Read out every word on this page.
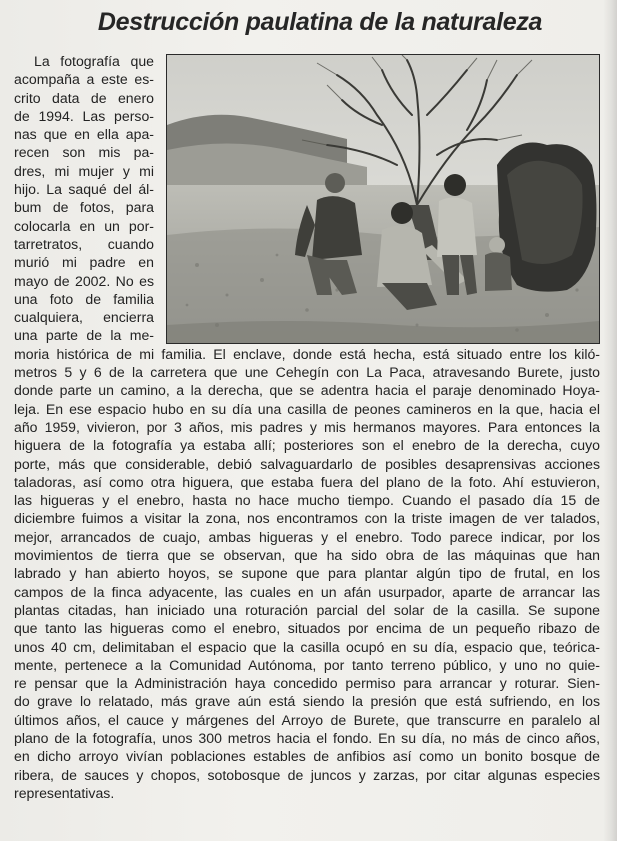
Destrucción paulatina de la naturaleza
La fotografía que
acompaña a este es-
crito data de enero
de 1994. Las perso-
nas que en ella apa-
recen son mis pa-
dres, mi mujer y mi
hijo. La saqué del ál-
bum de fotos, para
colocarla en un por-
tarretratos, cuando
murió mi padre en
mayo de 2002. No es
una foto de familia
cualquiera, encierra
una parte de la me-
moria histórica de mi familia. El enclave, donde está hecha, está situado entre los kiló-
metros 5 y 6 de la carretera que une Cehegín con La Paca, atravesando Burete, justo
donde parte un camino, a la derecha, que se adentra hacia el paraje denominado Hoya-
leja. En ese espacio hubo en su día una casilla de peones camineros en la que, hacia el
año 1959, vivieron, por 3 años, mis padres y mis hermanos mayores. Para entonces la
higuera de la fotografía ya estaba allí; posteriores son el enebro de la derecha, cuyo
porte, más que considerable, debió salvaguardarlo de posibles desaprensivas acciones
taladoras, así como otra higuera, que estaba fuera del plano de la foto. Ahí estuvieron,
las higueras y el enebro, hasta no hace mucho tiempo. Cuando el pasado día 15 de
diciembre fuimos a visitar la zona, nos encontramos con la triste imagen de ver talados,
mejor, arrancados de cuajo, ambas higueras y el enebro. Todo parece indicar, por los
movimientos de tierra que se observan, que ha sido obra de las máquinas que han
labrado y han abierto hoyos, se supone que para plantar algún tipo de frutal, en los
campos de la finca adyacente, las cuales en un afán usurpador, aparte de arrancar las
plantas citadas, han iniciado una roturación parcial del solar de la casilla. Se supone
que tanto las higueras como el enebro, situados por encima de un pequeño ribazo de
unos 40 cm, delimitaban el espacio que la casilla ocupó en su día, espacio que, teórica-
mente, pertenece a la Comunidad Autónoma, por tanto terreno público, y uno no quie-
re pensar que la Administración haya concedido permiso para arrancar y roturar. Sien-
do grave lo relatado, más grave aún está siendo la presión que está sufriendo, en los
últimos años, el cauce y márgenes del Arroyo de Burete, que transcurre en paralelo al
plano de la fotografía, unos 300 metros hacia el fondo. En su día, no más de cinco años,
en dicho arroyo vivían poblaciones estables de anfibios así como un bonito bosque de
ribera, de sauces y chopos, sotobosque de juncos y zarzas, por citar algunas especies
representativas.
